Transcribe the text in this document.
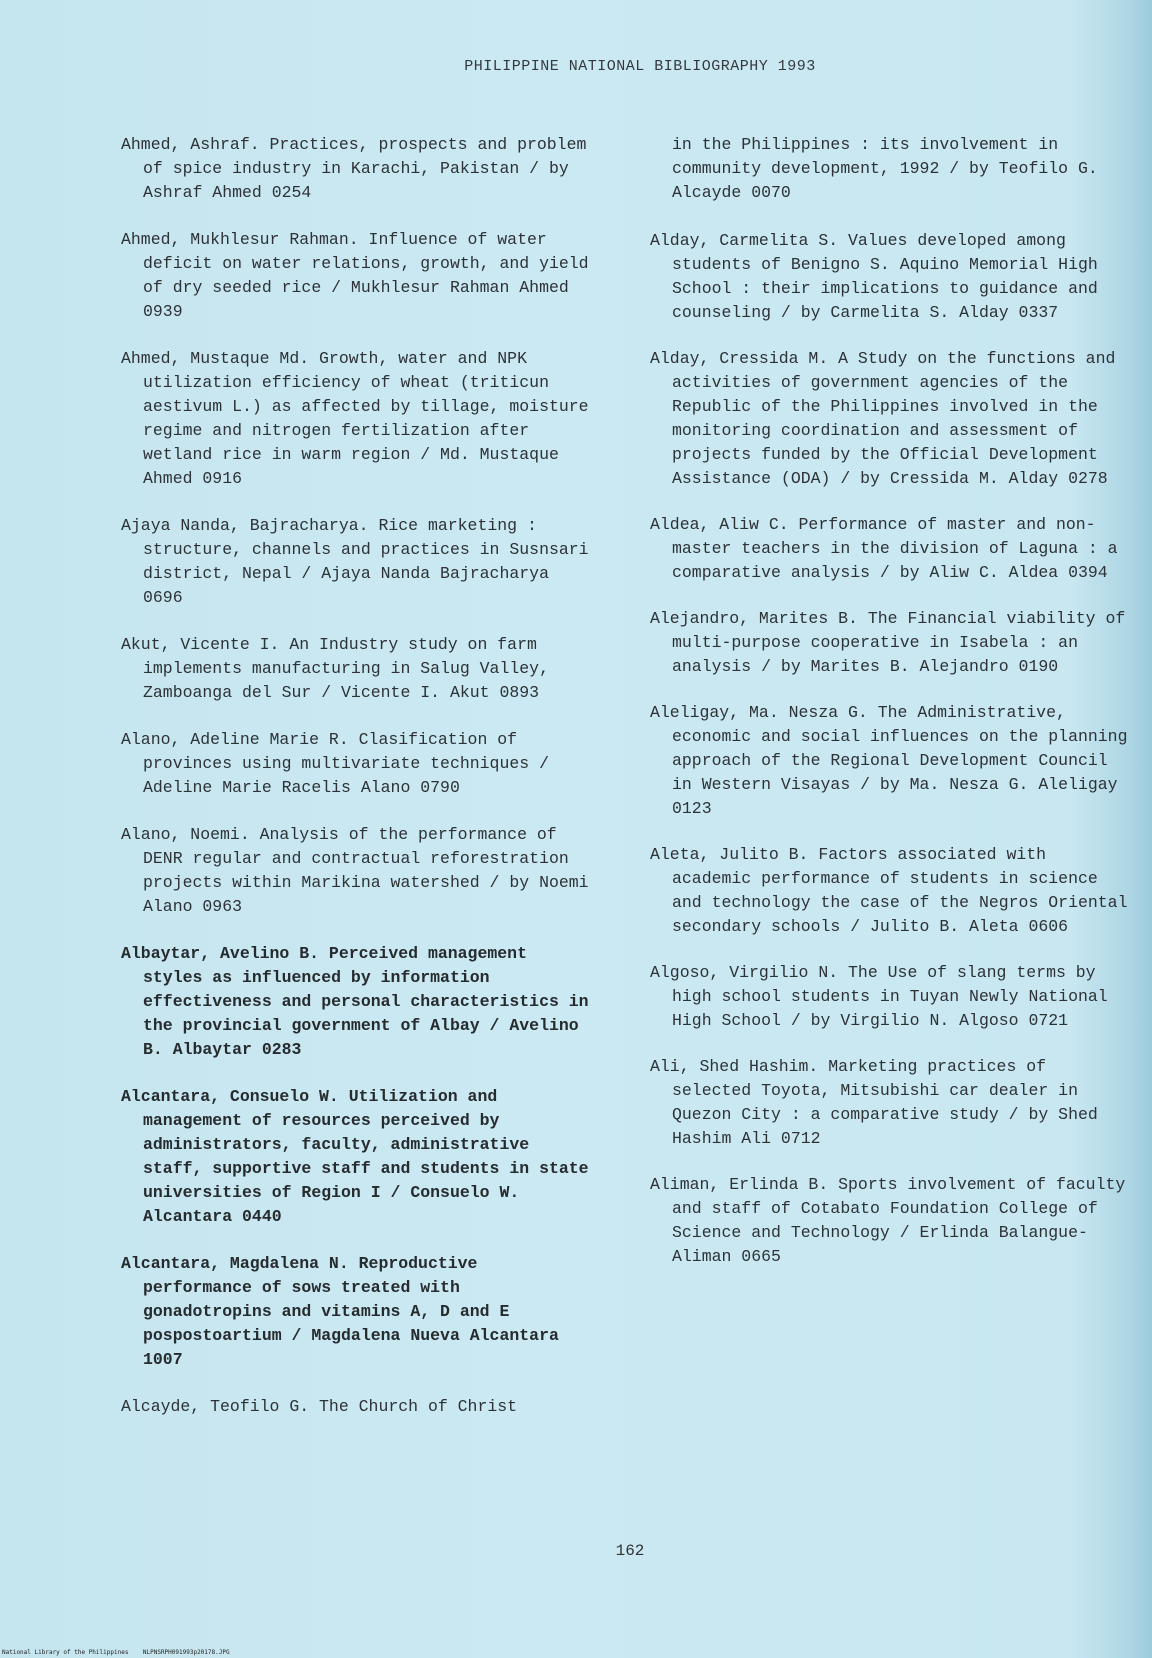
PHILIPPINE NATIONAL BIBLIOGRAPHY 1993
Ahmed, Ashraf. Practices, prospects and problem of spice industry in Karachi, Pakistan / by Ashraf Ahmed 0254
Ahmed, Mukhlesur Rahman. Influence of water deficit on water relations, growth, and yield of dry seeded rice / Mukhlesur Rahman Ahmed 0939
Ahmed, Mustaque Md. Growth, water and NPK utilization efficiency of wheat (triticun aestivum L.) as affected by tillage, moisture regime and nitrogen fertilization after wetland rice in warm region / Md. Mustaque Ahmed 0916
Ajaya Nanda, Bajracharya. Rice marketing : structure, channels and practices in Susnsari district, Nepal / Ajaya Nanda Bajracharya 0696
Akut, Vicente I. An Industry study on farm implements manufacturing in Salug Valley, Zamboanga del Sur / Vicente I. Akut 0893
Alano, Adeline Marie R. Clasification of provinces using multivariate techniques / Adeline Marie Racelis Alano 0790
Alano, Noemi. Analysis of the performance of DENR regular and contractual reforestration projects within Marikina watershed / by Noemi Alano 0963
Albaytar, Avelino B. Perceived management styles as influenced by information effectiveness and personal characteristics in the provincial government of Albay / Avelino B. Albaytar 0283
Alcantara, Consuelo W. Utilization and management of resources perceived by administrators, faculty, administrative staff, supportive staff and students in state universities of Region I / Consuelo W. Alcantara 0440
Alcantara, Magdalena N. Reproductive performance of sows treated with gonadotropins and vitamins A, D and E pospostoartium / Magdalena Nueva Alcantara 1007
Alcayde, Teofilo G. The Church of Christ
in the Philippines : its involvement in community development, 1992 / by Teofilo G. Alcayde 0070
Alday, Carmelita S. Values developed among students of Benigno S. Aquino Memorial High School : their implications to guidance and counseling / by Carmelita S. Alday 0337
Alday, Cressida M. A Study on the functions and activities of government agencies of the Republic of the Philippines involved in the monitoring coordination and assessment of projects funded by the Official Development Assistance (ODA) / by Cressida M. Alday 0278
Aldea, Aliw C. Performance of master and non-master teachers in the division of Laguna : a comparative analysis / by Aliw C. Aldea 0394
Alejandro, Marites B. The Financial viability of multi-purpose cooperative in Isabela : an analysis / by Marites B. Alejandro 0190
Aleligay, Ma. Nesza G. The Administrative, economic and social influences on the planning approach of the Regional Development Council in Western Visayas / by Ma. Nesza G. Aleligay 0123
Aleta, Julito B. Factors associated with academic performance of students in science and technology the case of the Negros Oriental secondary schools / Julito B. Aleta 0606
Algoso, Virgilio N. The Use of slang terms by high school students in Tuyan Newly National High School / by Virgilio N. Algoso 0721
Ali, Shed Hashim. Marketing practices of selected Toyota, Mitsubishi car dealer in Quezon City : a comparative study / by Shed Hashim Ali 0712
Aliman, Erlinda B. Sports involvement of faculty and staff of Cotabato Foundation College of Science and Technology / Erlinda Balangue-Aliman 0665
162
National Library of the Philippines    NLPNSRPH091993p20178.JPG
